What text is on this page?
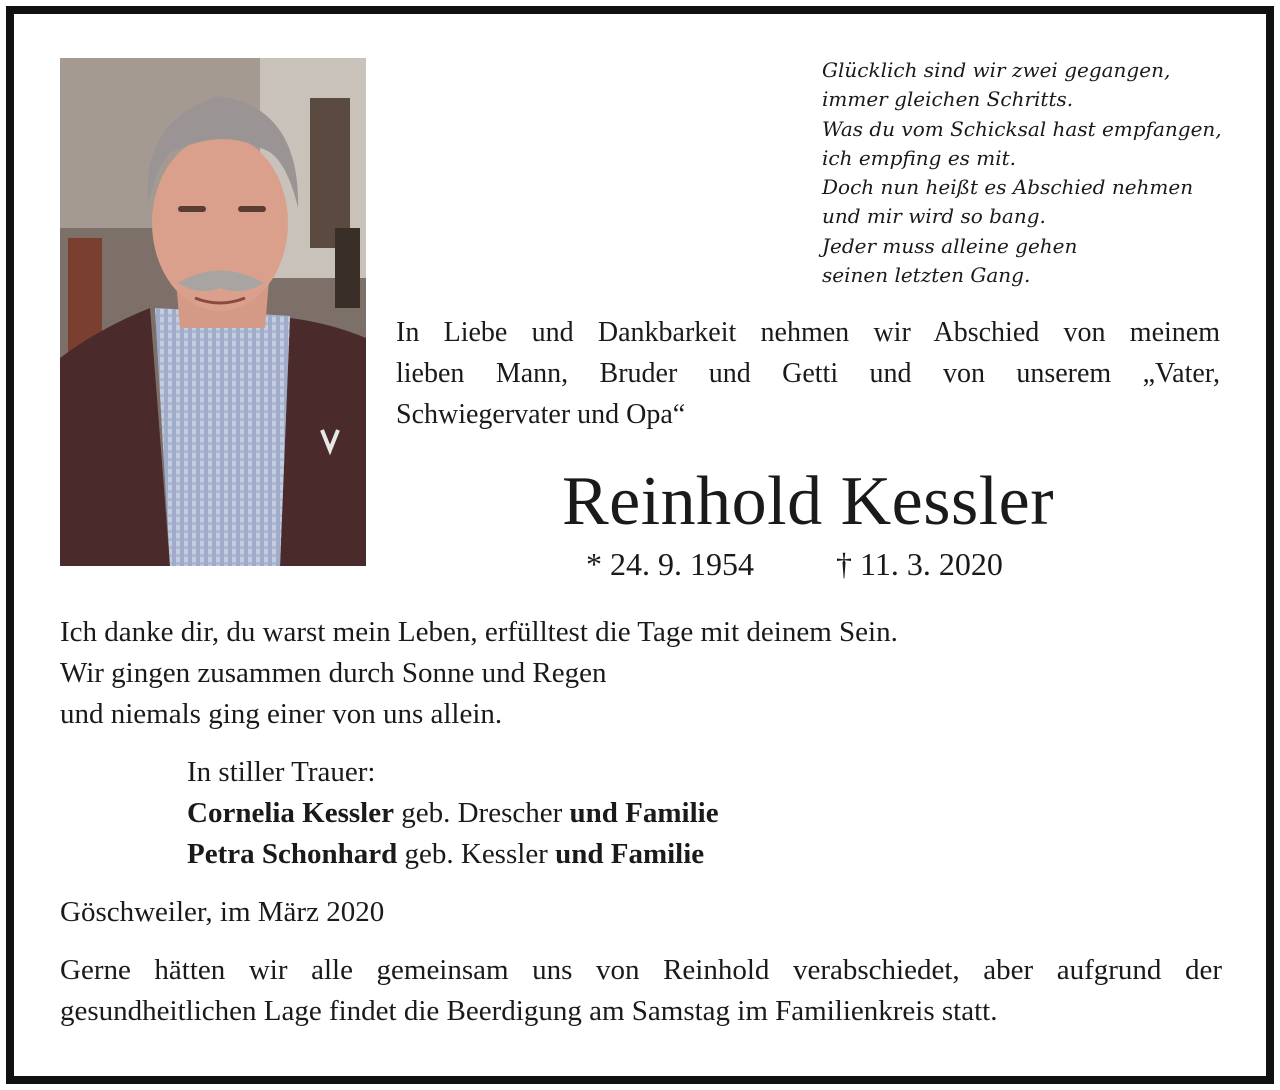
Glücklich sind wir zwei gegangen,
immer gleichen Schritts.
Was du vom Schicksal hast empfangen,
ich empfing es mit.
Doch nun heißt es Abschied nehmen
und mir wird so bang.
Jeder muss alleine gehen
seinen letzten Gang.
In Liebe und Dankbarkeit nehmen wir Abschied von meinem
lieben Mann, Bruder und Getti und von unserem „Vater,
Schwiegervater und Opa“
Reinhold Kessler
* 24. 9. 1954	† 11. 3. 2020
Ich danke dir, du warst mein Leben, erfülltest die Tage mit deinem Sein.
Wir gingen zusammen durch Sonne und Regen
und niemals ging einer von uns allein.
In stiller Trauer:
Cornelia Kessler geb. Drescher und Familie
Petra Schonhard geb. Kessler und Familie
Göschweiler, im März 2020
Gerne hätten wir alle gemeinsam uns von Reinhold verabschiedet, aber aufgrund der
gesundheitlichen Lage findet die Beerdigung am Samstag im Familienkreis statt.
